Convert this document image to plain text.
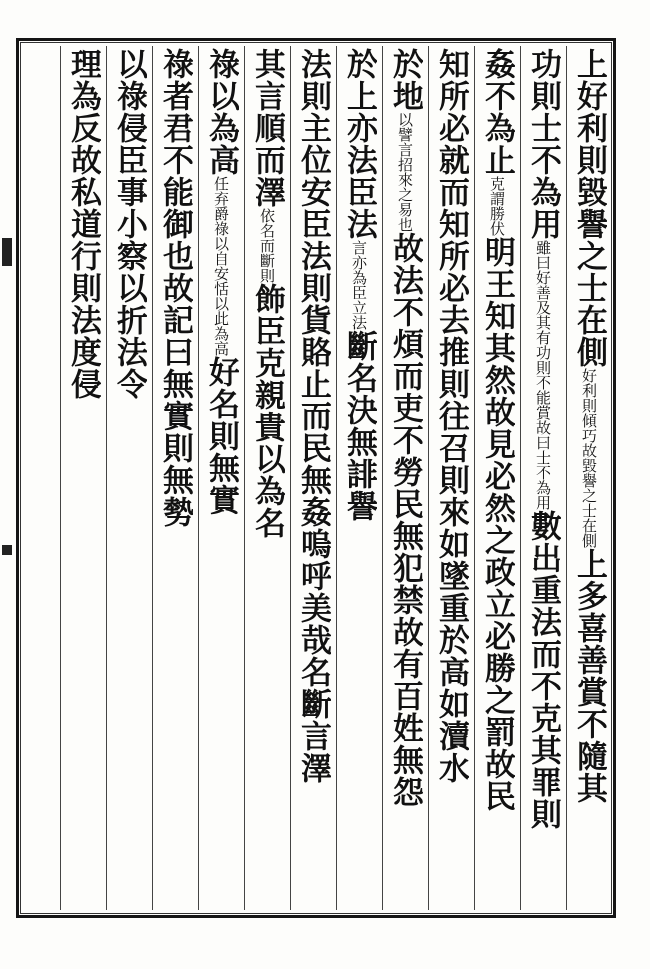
上好利則毀譽之士在側好利則傾巧故毀譽之士在側上多喜善賞不隨其
功則士不為用雖曰好善及其有功則不能賞故曰士不為用數出重法而不克其罪則
姦不為止克謂勝伏明王知其然故見必然之政立必勝之罰故民
知所必就而知所必去推則往召則來如墜重於高如瀆水
於地以譬言招來之易也故法不煩而吏不勞民無犯禁故有百姓無怨
於上亦法臣法言亦為臣立法斷名決無誹譽
法則主位安臣法則貨賂止而民無姦嗚呼美哉名斷言澤
其言順而澤依名而斷則飾臣克親貴以為名
祿以為高任弃爵祿以自安恬以此為高好名則無實
祿者君不能御也故記曰無實則無勢
以祿侵臣事小察以折法令
理為反故私道行則法度侵
